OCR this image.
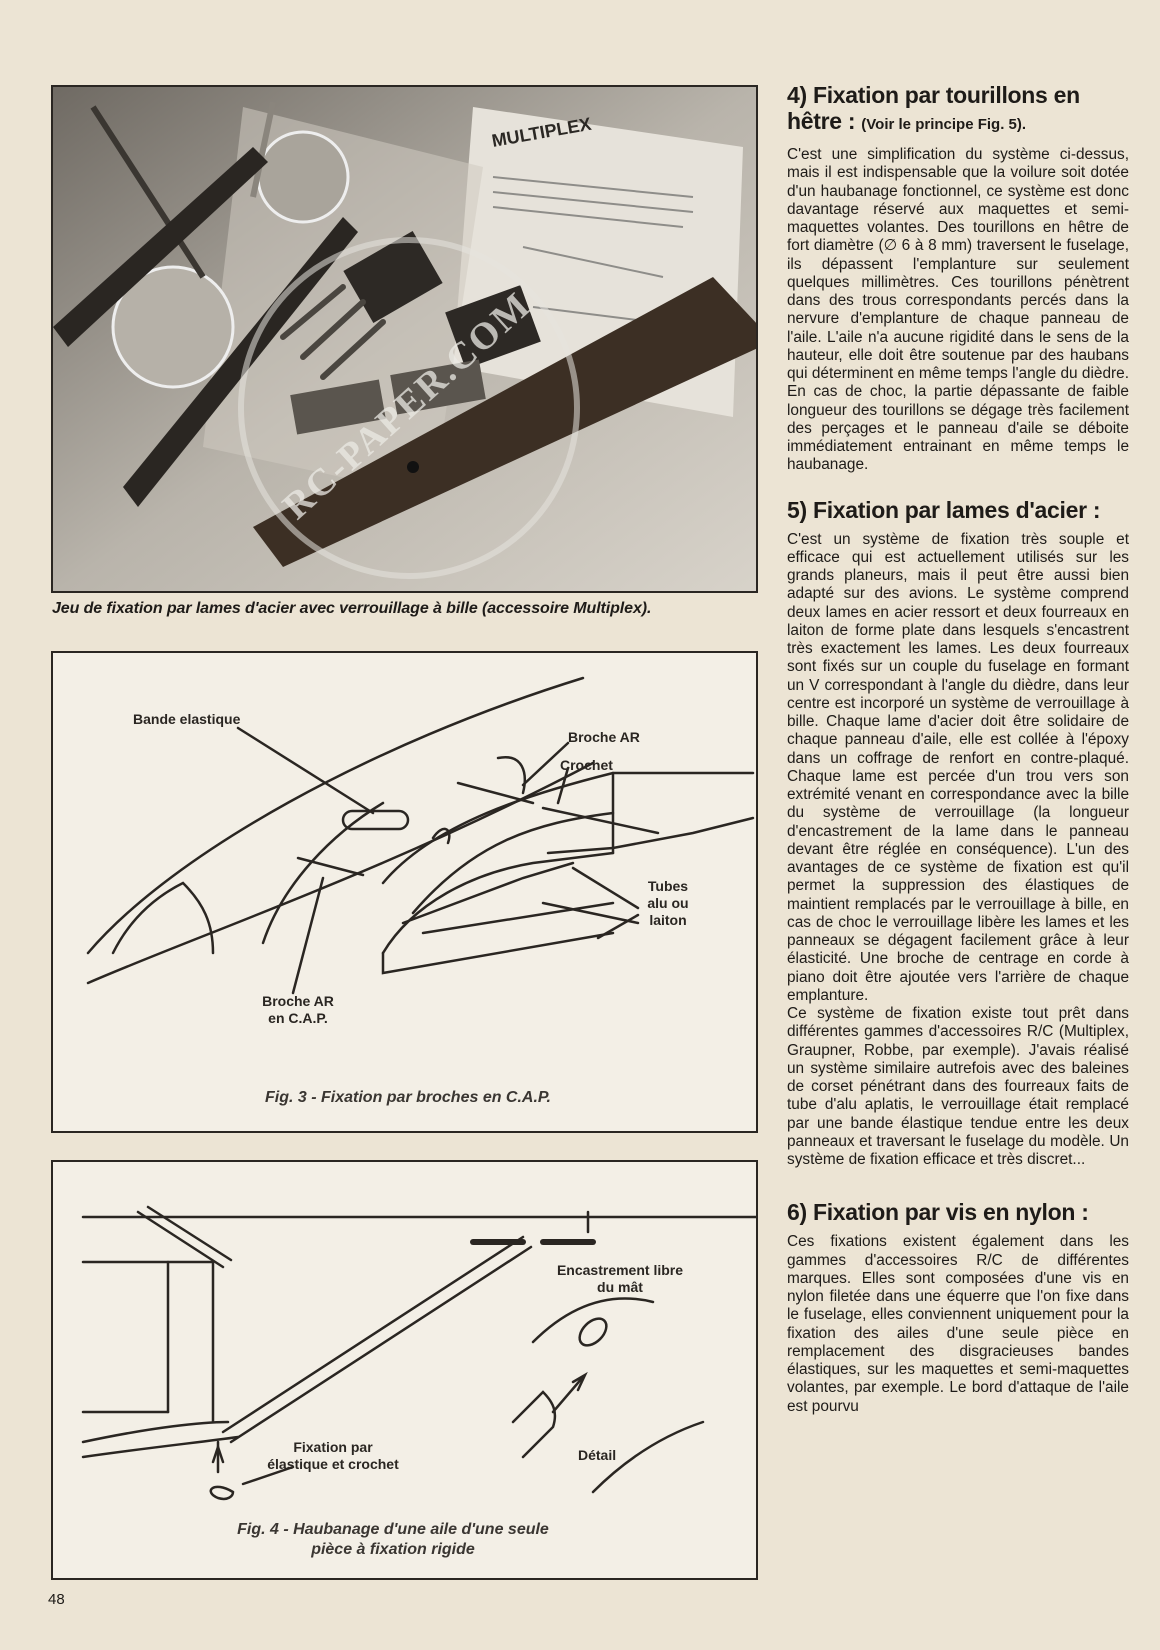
MULTIPLEX
RC-PAPER.COM
Jeu de fixation par lames d'acier avec verrouillage à bille (accessoire Multiplex).
Bande elastique
Broche AR
Crochet
Tubes
alu ou
laiton
Broche AR
en C.A.P.
Fig. 3 - Fixation par broches en C.A.P.
Encastrement libre
du mât
Fixation par
élastique et crochet
Détail
Fig. 4 - Haubanage d'une aile d'une seule
pièce à fixation rigide
4) Fixation par tourillons en hêtre : (Voir le principe Fig. 5).

C'est une simplification du système ci-dessus, mais il est indispensable que la voilure soit dotée d'un haubanage fonctionnel, ce système est donc davantage réservé aux maquettes et semi-maquettes volantes. Des tourillons en hêtre de fort diamètre (∅ 6 à 8 mm) traversent le fuselage, ils dépassent l'emplanture sur seulement quelques millimètres. Ces tourillons pénètrent dans des trous correspondants percés dans la nervure d'emplanture de chaque panneau de l'aile. L'aile n'a aucune rigidité dans le sens de la hauteur, elle doit être soutenue par des haubans qui déterminent en même temps l'angle du dièdre. En cas de choc, la partie dépassante de faible longueur des tourillons se dégage très facilement des perçages et le panneau d'aile se déboite immédiatement entrainant en même temps le haubanage.

5) Fixation par lames d'acier :

C'est un système de fixation très souple et efficace qui est actuellement utilisés sur les grands planeurs, mais il peut être aussi bien adapté sur des avions. Le système comprend deux lames en acier ressort et deux fourreaux en laiton de forme plate dans lesquels s'encastrent très exactement les lames. Les deux fourreaux sont fixés sur un couple du fuselage en formant un V correspondant à l'angle du dièdre, dans leur centre est incorporé un système de verrouillage à bille. Chaque lame d'acier doit être solidaire de chaque panneau d'aile, elle est collée à l'époxy dans un coffrage de renfort en contre-plaqué. Chaque lame est percée d'un trou vers son extrémité venant en correspondance avec la bille du système de verrouillage (la longueur d'encastrement de la lame dans le panneau devant être réglée en conséquence). L'un des avantages de ce système de fixation est qu'il permet la suppression des élastiques de maintient remplacés par le verrouillage à bille, en cas de choc le verrouillage libère les lames et les panneaux se dégagent facilement grâce à leur élasticité. Une broche de centrage en corde à piano doit être ajoutée vers l'arrière de chaque emplanture.

Ce système de fixation existe tout prêt dans différentes gammes d'accessoires R/C (Multiplex, Graupner, Robbe, par exemple). J'avais réalisé un système similaire autrefois avec des baleines de corset pénétrant dans des fourreaux faits de tube d'alu aplatis, le verrouillage était remplacé par une bande élastique tendue entre les deux panneaux et traversant le fuselage du modèle. Un système de fixation efficace et très discret...

6) Fixation par vis en nylon :

Ces fixations existent également dans les gammes d'accessoires R/C de différentes marques. Elles sont composées d'une vis en nylon filetée dans une équerre que l'on fixe dans le fuselage, elles conviennent uniquement pour la fixation des ailes d'une seule pièce en remplacement des disgracieuses bandes élastiques, sur les maquettes et semi-maquettes volantes, par exemple. Le bord d'attaque de l'aile est pourvu

48
